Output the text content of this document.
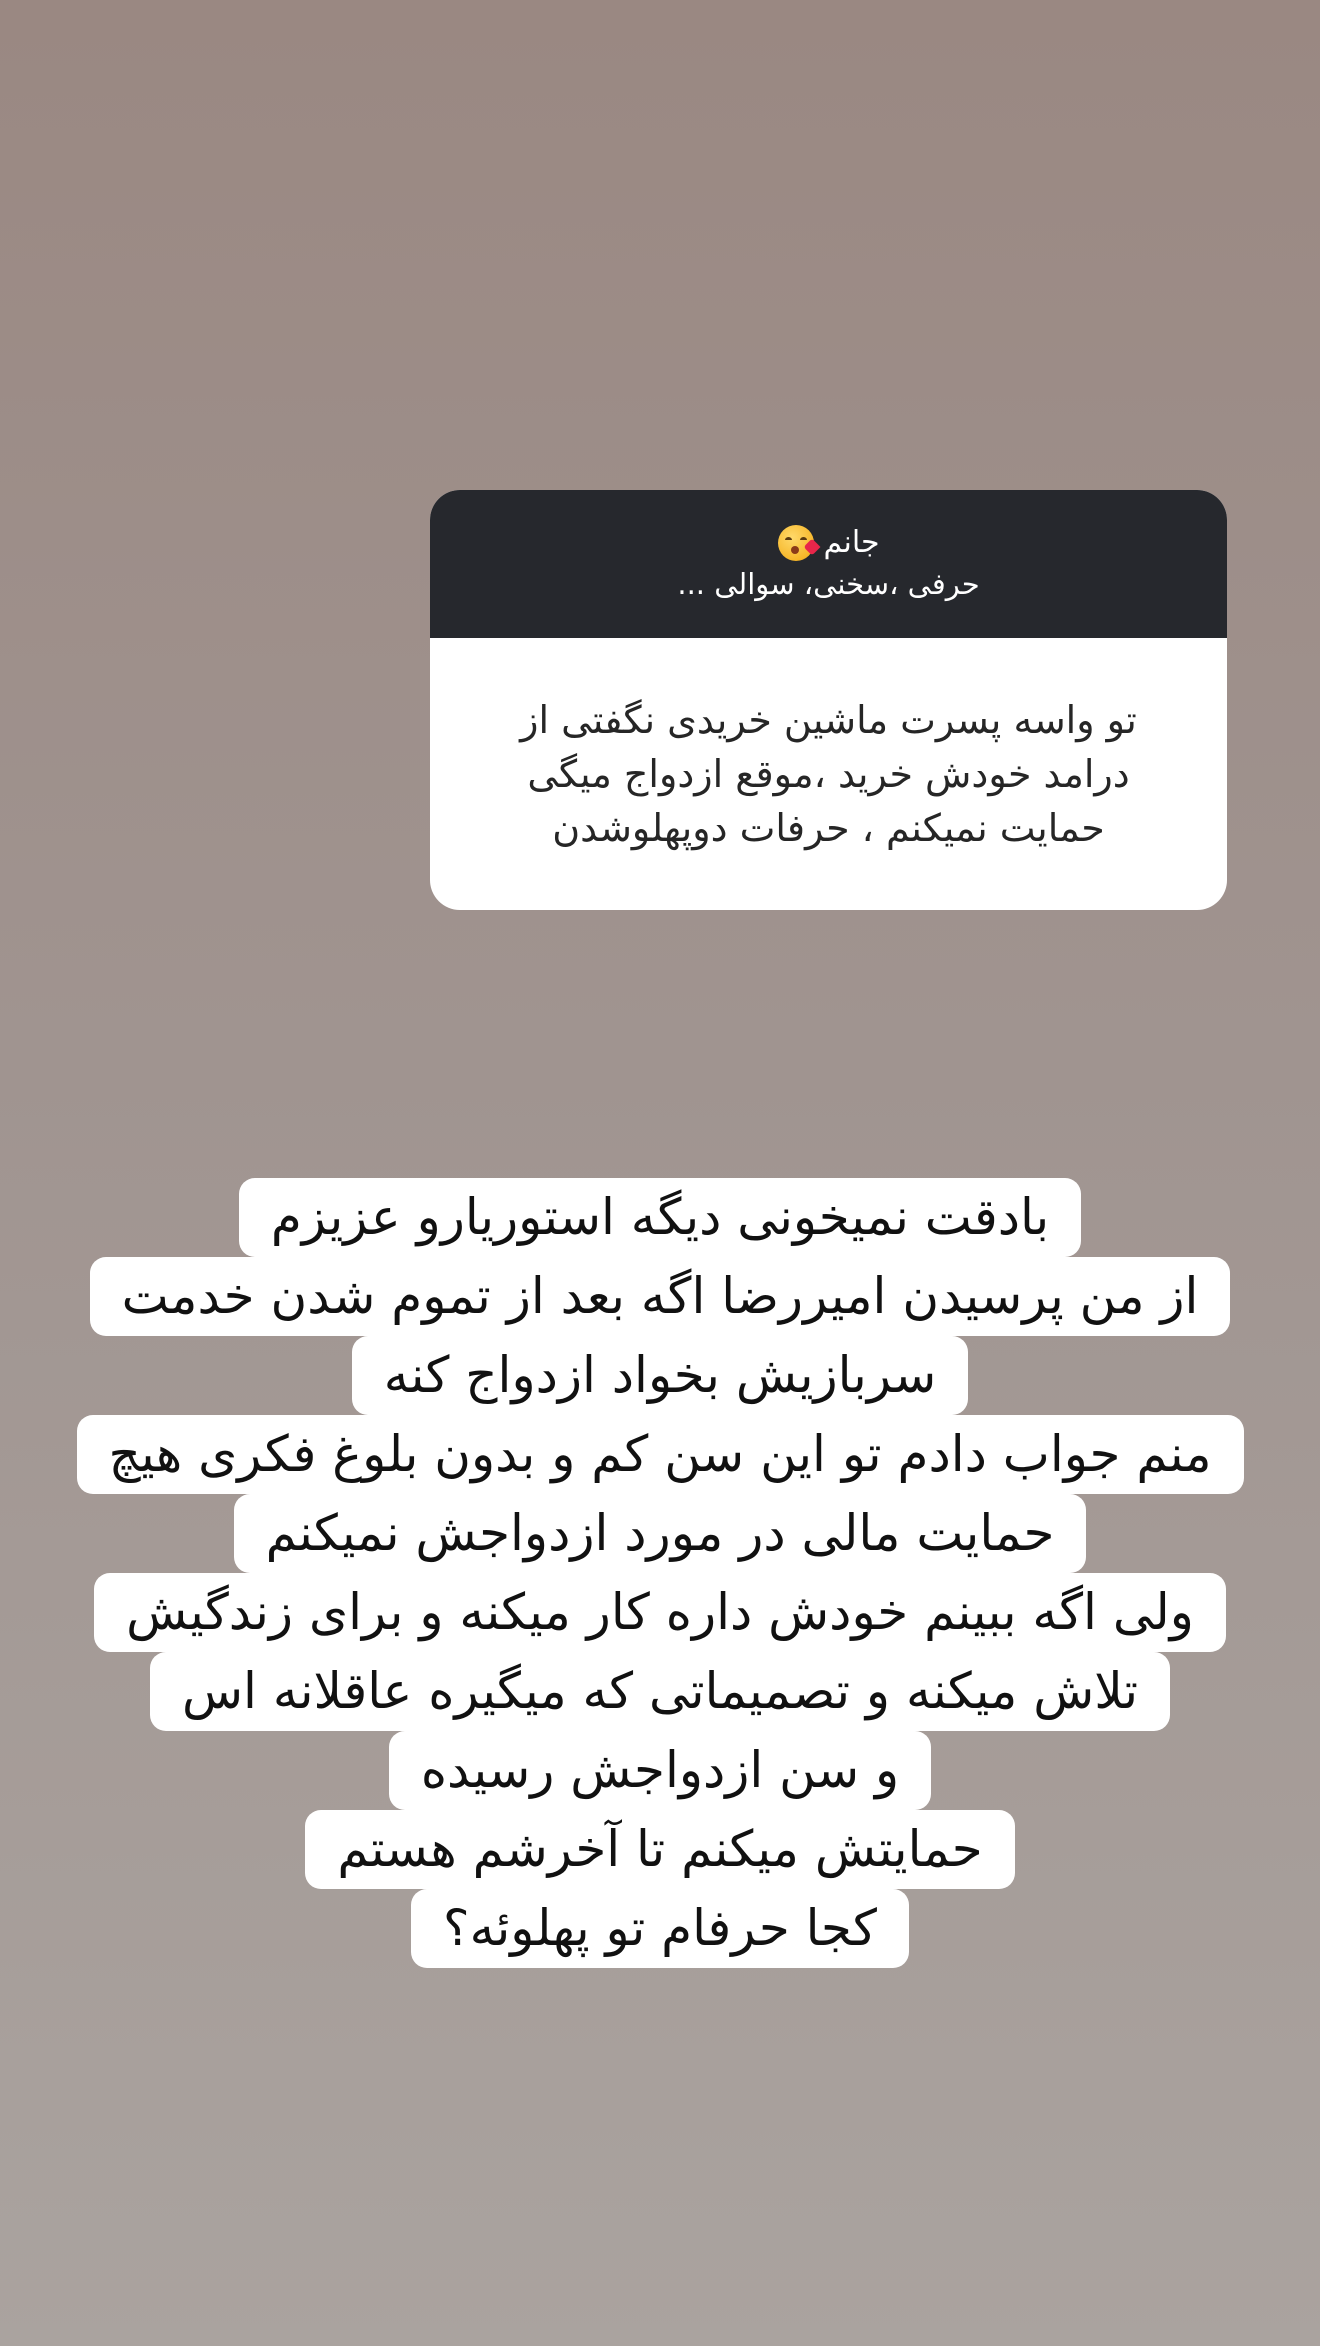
جانم
حرفی ،سخنی، سوالی ...

تو واسه پسرت ماشین خریدی نگفتی از درامد خودش خرید ،موقع ازدواج میگی حمایت نمیکنم ، حرفات دوپهلوشدن

بادقت نمیخونی دیگه استوریارو عزیزم
از من پرسیدن امیررضا اگه بعد از تموم شدن خدمت
سربازیش بخواد ازدواج کنه
منم جواب دادم تو این سن کم و بدون بلوغ فکری هیچ
حمایت مالی در مورد ازدواجش نمیکنم
ولی اگه ببینم خودش داره کار میکنه و برای زندگیش
تلاش میکنه و تصمیماتی که میگیره عاقلانه اس
و سن ازدواجش رسیده
حمایتش میکنم تا آخرشم هستم
کجا حرفام تو پهلوئه؟
